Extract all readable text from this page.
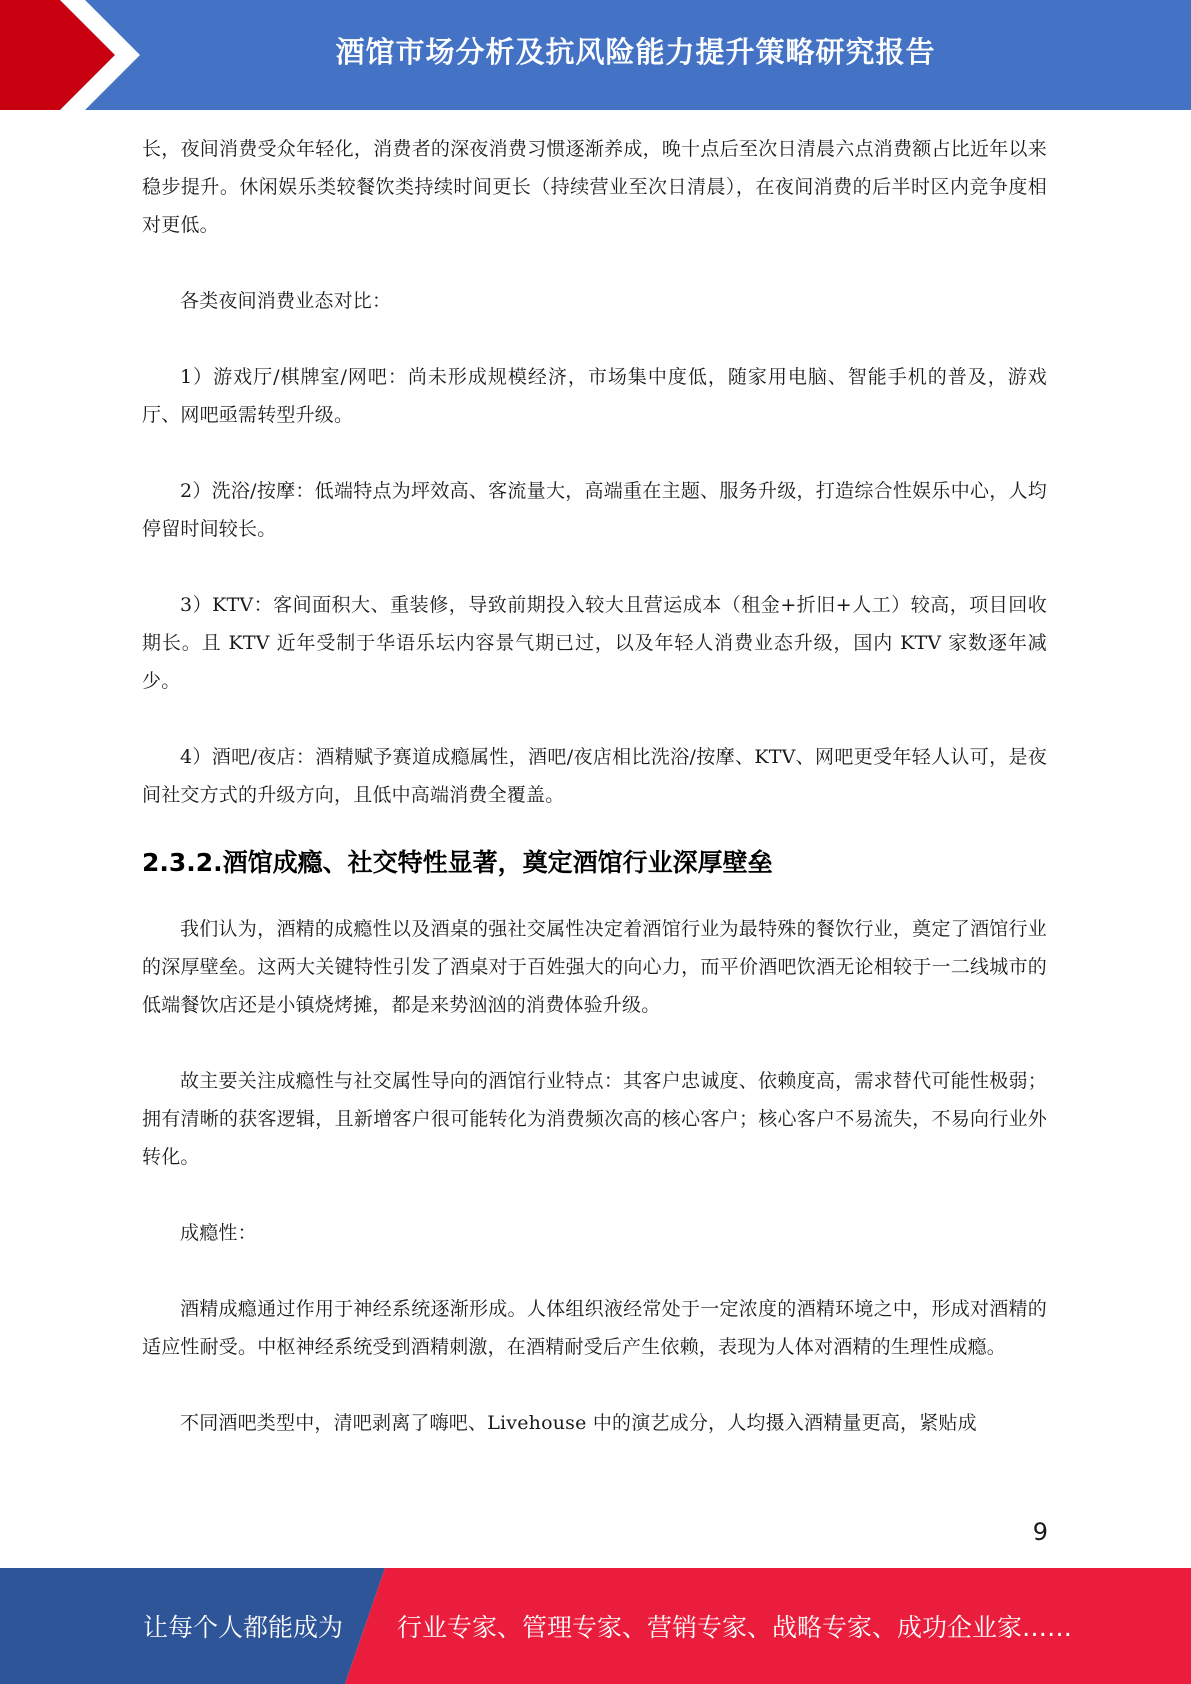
酒馆市场分析及抗风险能力提升策略研究报告

长，夜间消费受众年轻化，消费者的深夜消费习惯逐渐养成，晚十点后至次日清晨六点消费额占比近年以来稳步提升。休闲娱乐类较餐饮类持续时间更长（持续营业至次日清晨），在夜间消费的后半时区内竞争度相对更低。

各类夜间消费业态对比：

1）游戏厅/棋牌室/网吧：尚未形成规模经济，市场集中度低，随家用电脑、智能手机的普及，游戏厅、网吧亟需转型升级。

2）洗浴/按摩：低端特点为坪效高、客流量大，高端重在主题、服务升级，打造综合性娱乐中心，人均停留时间较长。

3）KTV：客间面积大、重装修，导致前期投入较大且营运成本（租金+折旧+人工）较高，项目回收期长。且 KTV 近年受制于华语乐坛内容景气期已过，以及年轻人消费业态升级，国内 KTV 家数逐年减少。

4）酒吧/夜店：酒精赋予赛道成瘾属性，酒吧/夜店相比洗浴/按摩、KTV、网吧更受年轻人认可，是夜间社交方式的升级方向，且低中高端消费全覆盖。

2.3.2.酒馆成瘾、社交特性显著，奠定酒馆行业深厚壁垒

我们认为，酒精的成瘾性以及酒桌的强社交属性决定着酒馆行业为最特殊的餐饮行业，奠定了酒馆行业的深厚壁垒。这两大关键特性引发了酒桌对于百姓强大的向心力，而平价酒吧饮酒无论相较于一二线城市的低端餐饮店还是小镇烧烤摊，都是来势汹汹的消费体验升级。

故主要关注成瘾性与社交属性导向的酒馆行业特点：其客户忠诚度、依赖度高，需求替代可能性极弱；拥有清晰的获客逻辑，且新增客户很可能转化为消费频次高的核心客户；核心客户不易流失，不易向行业外转化。

成瘾性：

酒精成瘾通过作用于神经系统逐渐形成。人体组织液经常处于一定浓度的酒精环境之中，形成对酒精的适应性耐受。中枢神经系统受到酒精刺激，在酒精耐受后产生依赖，表现为人体对酒精的生理性成瘾。

不同酒吧类型中，清吧剥离了嗨吧、Livehouse 中的演艺成分，人均摄入酒精量更高，紧贴成

9
让每个人都能成为 行业专家、管理专家、营销专家、战略专家、成功企业家……
